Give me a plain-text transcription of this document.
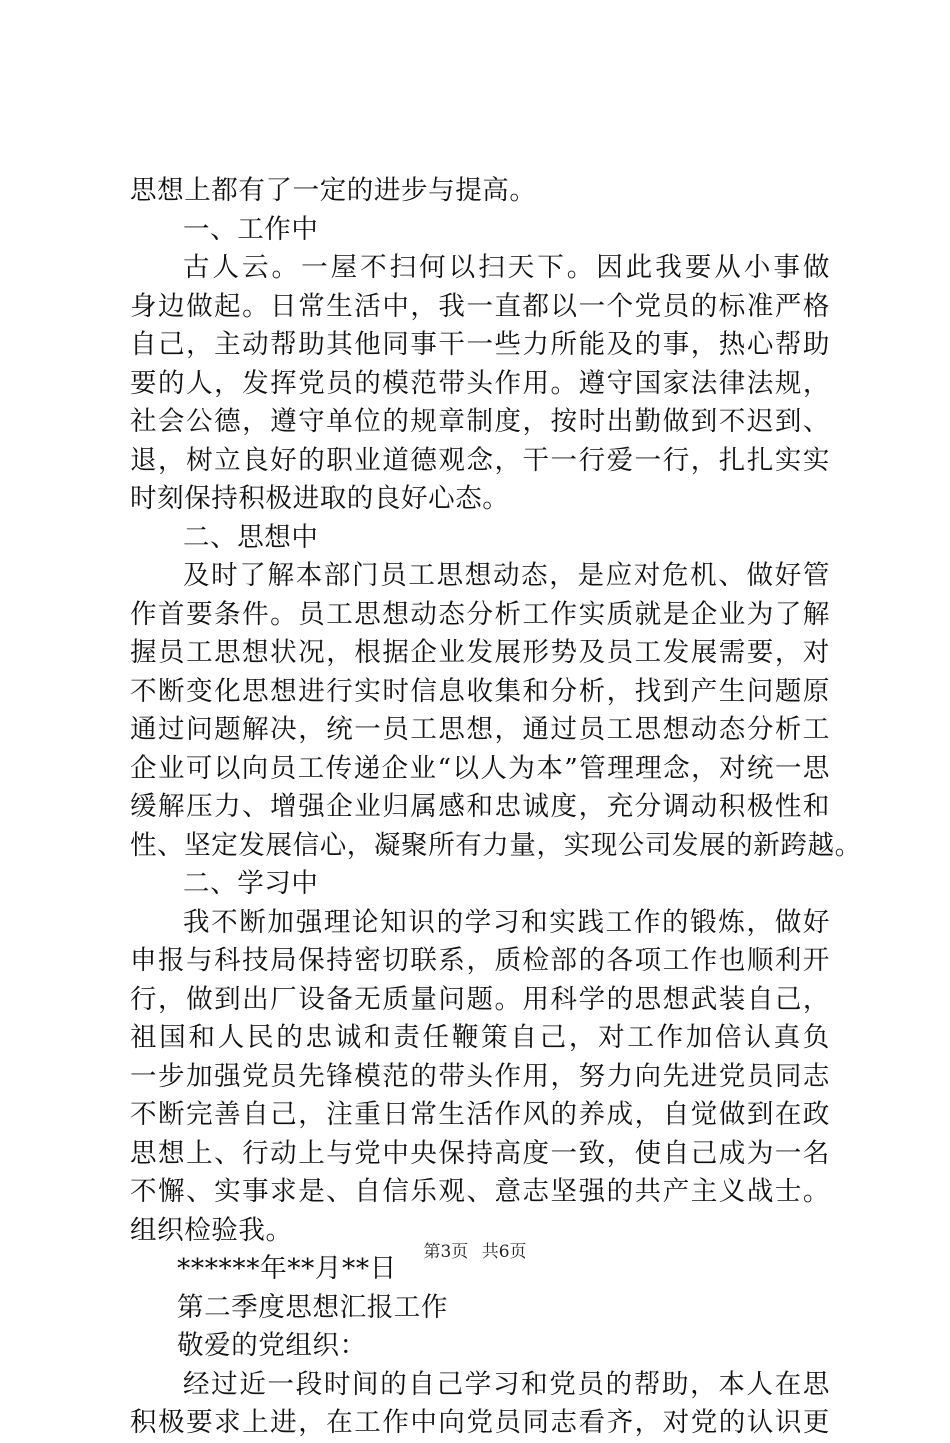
思想上都有了一定的进步与提高。
一、工作中
古人云。一屋不扫何以扫天下。因此我要从小事做
身边做起。日常生活中，我一直都以一个党员的标准严格
自己，主动帮助其他同事干一些力所能及的事，热心帮助
要的人，发挥党员的模范带头作用。遵守国家法律法规，
社会公德，遵守单位的规章制度，按时出勤做到不迟到、
退，树立良好的职业道德观念，干一行爱一行，扎扎实实
时刻保持积极进取的良好心态。
二、思想中
及时了解本部门员工思想动态，是应对危机、做好管
作首要条件。员工思想动态分析工作实质就是企业为了解
握员工思想状况，根据企业发展形势及员工发展需要，对
不断变化思想进行实时信息收集和分析，找到产生问题原
通过问题解决，统一员工思想，通过员工思想动态分析工
企业可以向员工传递企业“以人为本”管理理念，对统一思
缓解压力、增强企业归属感和忠诚度，充分调动积极性和
性、坚定发展信心，凝聚所有力量，实现公司发展的新跨越。
二、学习中
我不断加强理论知识的学习和实践工作的锻炼，做好
申报与科技局保持密切联系，质检部的各项工作也顺利开
行，做到出厂设备无质量问题。用科学的思想武装自己，
祖国和人民的忠诚和责任鞭策自己，对工作加倍认真负
一步加强党员先锋模范的带头作用，努力向先进党员同志
不断完善自己，注重日常生活作风的养成，自觉做到在政
思想上、行动上与党中央保持高度一致，使自己成为一名
不懈、实事求是、自信乐观、意志坚强的共产主义战士。
组织检验我。
******年**月**日
第二季度思想汇报工作
敬爱的党组织：
经过近一段时间的自己学习和党员的帮助，本人在思
积极要求上进，在工作中向党员同志看齐，对党的认识更
第3页 共6页
